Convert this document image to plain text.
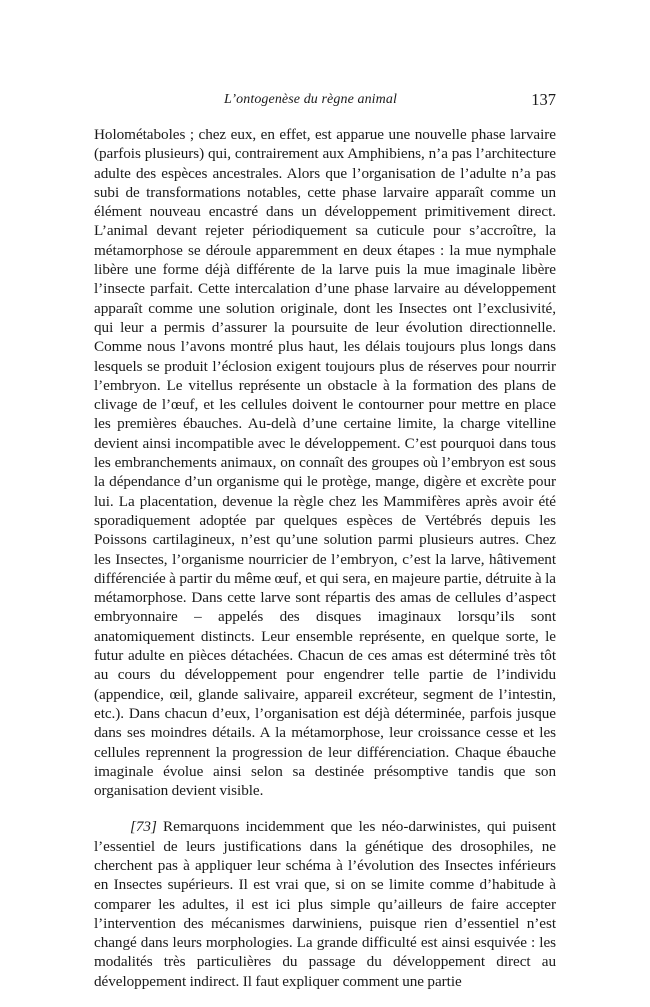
L’ontogenèse du règne animal	137

Holométaboles ; chez eux, en effet, est apparue une nouvelle phase larvaire (parfois plusieurs) qui, contrairement aux Amphibiens, n’a pas l’architecture adulte des espèces ancestrales. Alors que l’organisation de l’adulte n’a pas subi de transformations notables, cette phase larvaire apparaît comme un élément nouveau encastré dans un développement primitivement direct. L’animal devant rejeter périodiquement sa cuticule pour s’accroître, la métamorphose se déroule apparemment en deux étapes : la mue nymphale libère une forme déjà différente de la larve puis la mue imaginale libère l’insecte parfait. Cette intercalation d’une phase larvaire au développement apparaît comme une solution originale, dont les Insectes ont l’exclusivité, qui leur a permis d’assurer la poursuite de leur évolution directionnelle. Comme nous l’avons montré plus haut, les délais toujours plus longs dans lesquels se produit l’éclosion exigent toujours plus de réserves pour nourrir l’embryon. Le vitellus représente un obstacle à la formation des plans de clivage de l’œuf, et les cellules doivent le contourner pour mettre en place les premières ébauches. Au-delà d’une certaine limite, la charge vitelline devient ainsi incompatible avec le développement. C’est pourquoi dans tous les embranchements animaux, on connaît des groupes où l’embryon est sous la dépendance d’un organisme qui le protège, mange, digère et excrète pour lui. La placentation, devenue la règle chez les Mammifères après avoir été sporadiquement adoptée par quelques espèces de Vertébrés depuis les Poissons cartilagineux, n’est qu’une solution parmi plusieurs autres. Chez les Insectes, l’organisme nourricier de l’embryon, c’est la larve, hâtivement différenciée à partir du même œuf, et qui sera, en majeure partie, détruite à la métamorphose. Dans cette larve sont répartis des amas de cellules d’aspect embryonnaire – appelés des disques imaginaux lorsqu’ils sont anatomiquement distincts. Leur ensemble représente, en quelque sorte, le futur adulte en pièces détachées. Chacun de ces amas est déterminé très tôt au cours du développement pour engendrer telle partie de l’individu (appendice, œil, glande salivaire, appareil excréteur, segment de l’intestin, etc.). Dans chacun d’eux, l’organisation est déjà déterminée, parfois jusque dans ses moindres détails. A la métamorphose, leur croissance cesse et les cellules reprennent la progression de leur différenciation. Chaque ébauche imaginale évolue ainsi selon sa destinée présomptive tandis que son organisation devient visible.

[73] Remarquons incidemment que les néo-darwinistes, qui puisent l’essentiel de leurs justifications dans la génétique des drosophiles, ne cherchent pas à appliquer leur schéma à l’évolution des Insectes inférieurs en Insectes supérieurs. Il est vrai que, si on se limite comme d’habitude à comparer les adultes, il est ici plus simple qu’ailleurs de faire accepter l’intervention des mécanismes darwiniens, puisque rien d’essentiel n’est changé dans leurs morphologies. La grande difficulté est ainsi esquivée : les modalités très particulières du passage du développement direct au développement indirect. Il faut expliquer comment une partie
